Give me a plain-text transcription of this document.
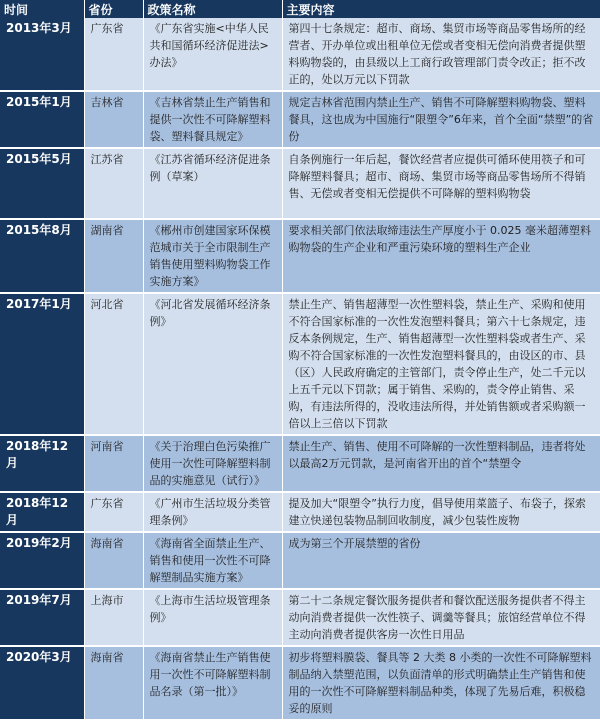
时间	省份	政策名称	主要内容
2013年3月	广东省	《广东省实施<中华人民共和国循环经济促进法>办法》	第四十七条规定：超市、商场、集贸市场等商品零售场所的经营者、开办单位或出租单位无偿或者变相无偿向消费者提供塑料购物袋的，由县级以上工商行政管理部门责令改正；拒不改正的，处以万元以下罚款
2015年1月	吉林省	《吉林省禁止生产销售和提供一次性不可降解塑料袋、塑料餐具规定》	规定吉林省范围内禁止生产、销售不可降解塑料购物袋、塑料餐具，这也成为中国施行“限塑令”6年来，首个全面“禁塑”的省份
2015年5月	江苏省	《江苏省循环经济促进条例（草案）	自条例施行一年后起，餐饮经营者应提供可循环使用筷子和可降解塑料餐具；超市、商场、集贸市场等商品零售场所不得销售、无偿或者变相无偿提供不可降解的塑料购物袋
2015年8月	湖南省	《郴州市创建国家环保模范城市关于全市限制生产销售使用塑料购物袋工作实施方案》	要求相关部门依法取缔违法生产厚度小于 0.025 毫米超薄塑料购物袋的生产企业和严重污染环境的塑料生产企业
2017年1月	河北省	《河北省发展循环经济条例》	禁止生产、销售超薄型一次性塑料袋，禁止生产、采购和使用不符合国家标准的一次性发泡塑料餐具；第六十七条规定，违反本条例规定，生产、销售超薄型一次性塑料袋或者生产、采购不符合国家标准的一次性发泡塑料餐具的，由设区的市、县（区）人民政府确定的主管部门，责令停止生产，处二千元以上五千元以下罚款；属于销售、采购的，责令停止销售、采购，有违法所得的，没收违法所得，并处销售额或者采购额一倍以上三倍以下罚款
2018年12月	河南省	《关于治理白色污染推广使用一次性可降解塑料制品的实施意见（试行）》	禁止生产、销售、使用不可降解的一次性塑料制品，违者将处以最高2万元罚款，是河南省开出的首个“禁塑令
2018年12月	广东省	《广州市生活垃圾分类管理条例》	提及加大“限塑令”执行力度，倡导使用菜篮子、布袋子，探索建立快递包装物品制回收制度，减少包装性废物
2019年2月	海南省	《海南省全面禁止生产、销售和使用一次性不可降解塑制品实施方案》	成为第三个开展禁塑的省份
2019年7月	上海市	《上海市生活垃圾管理条例》	第二十二条规定餐饮服务提供者和餐饮配送服务提供者不得主动向消费者提供一次性筷子、调羹等餐具；旅馆经营单位不得主动向消费者提供客房一次性日用品
2020年3月	海南省	《海南省禁止生产销售使用一次性不可降解塑料制品名录（第一批）》	初步将塑料膜袋、餐具等 2 大类 8 小类的一次性不可降解塑料制品纳入禁塑范围，以负面清单的形式明确禁止生产销售和使用的一次性不可降解塑料制品种类，体现了先易后难，积极稳妥的原则
